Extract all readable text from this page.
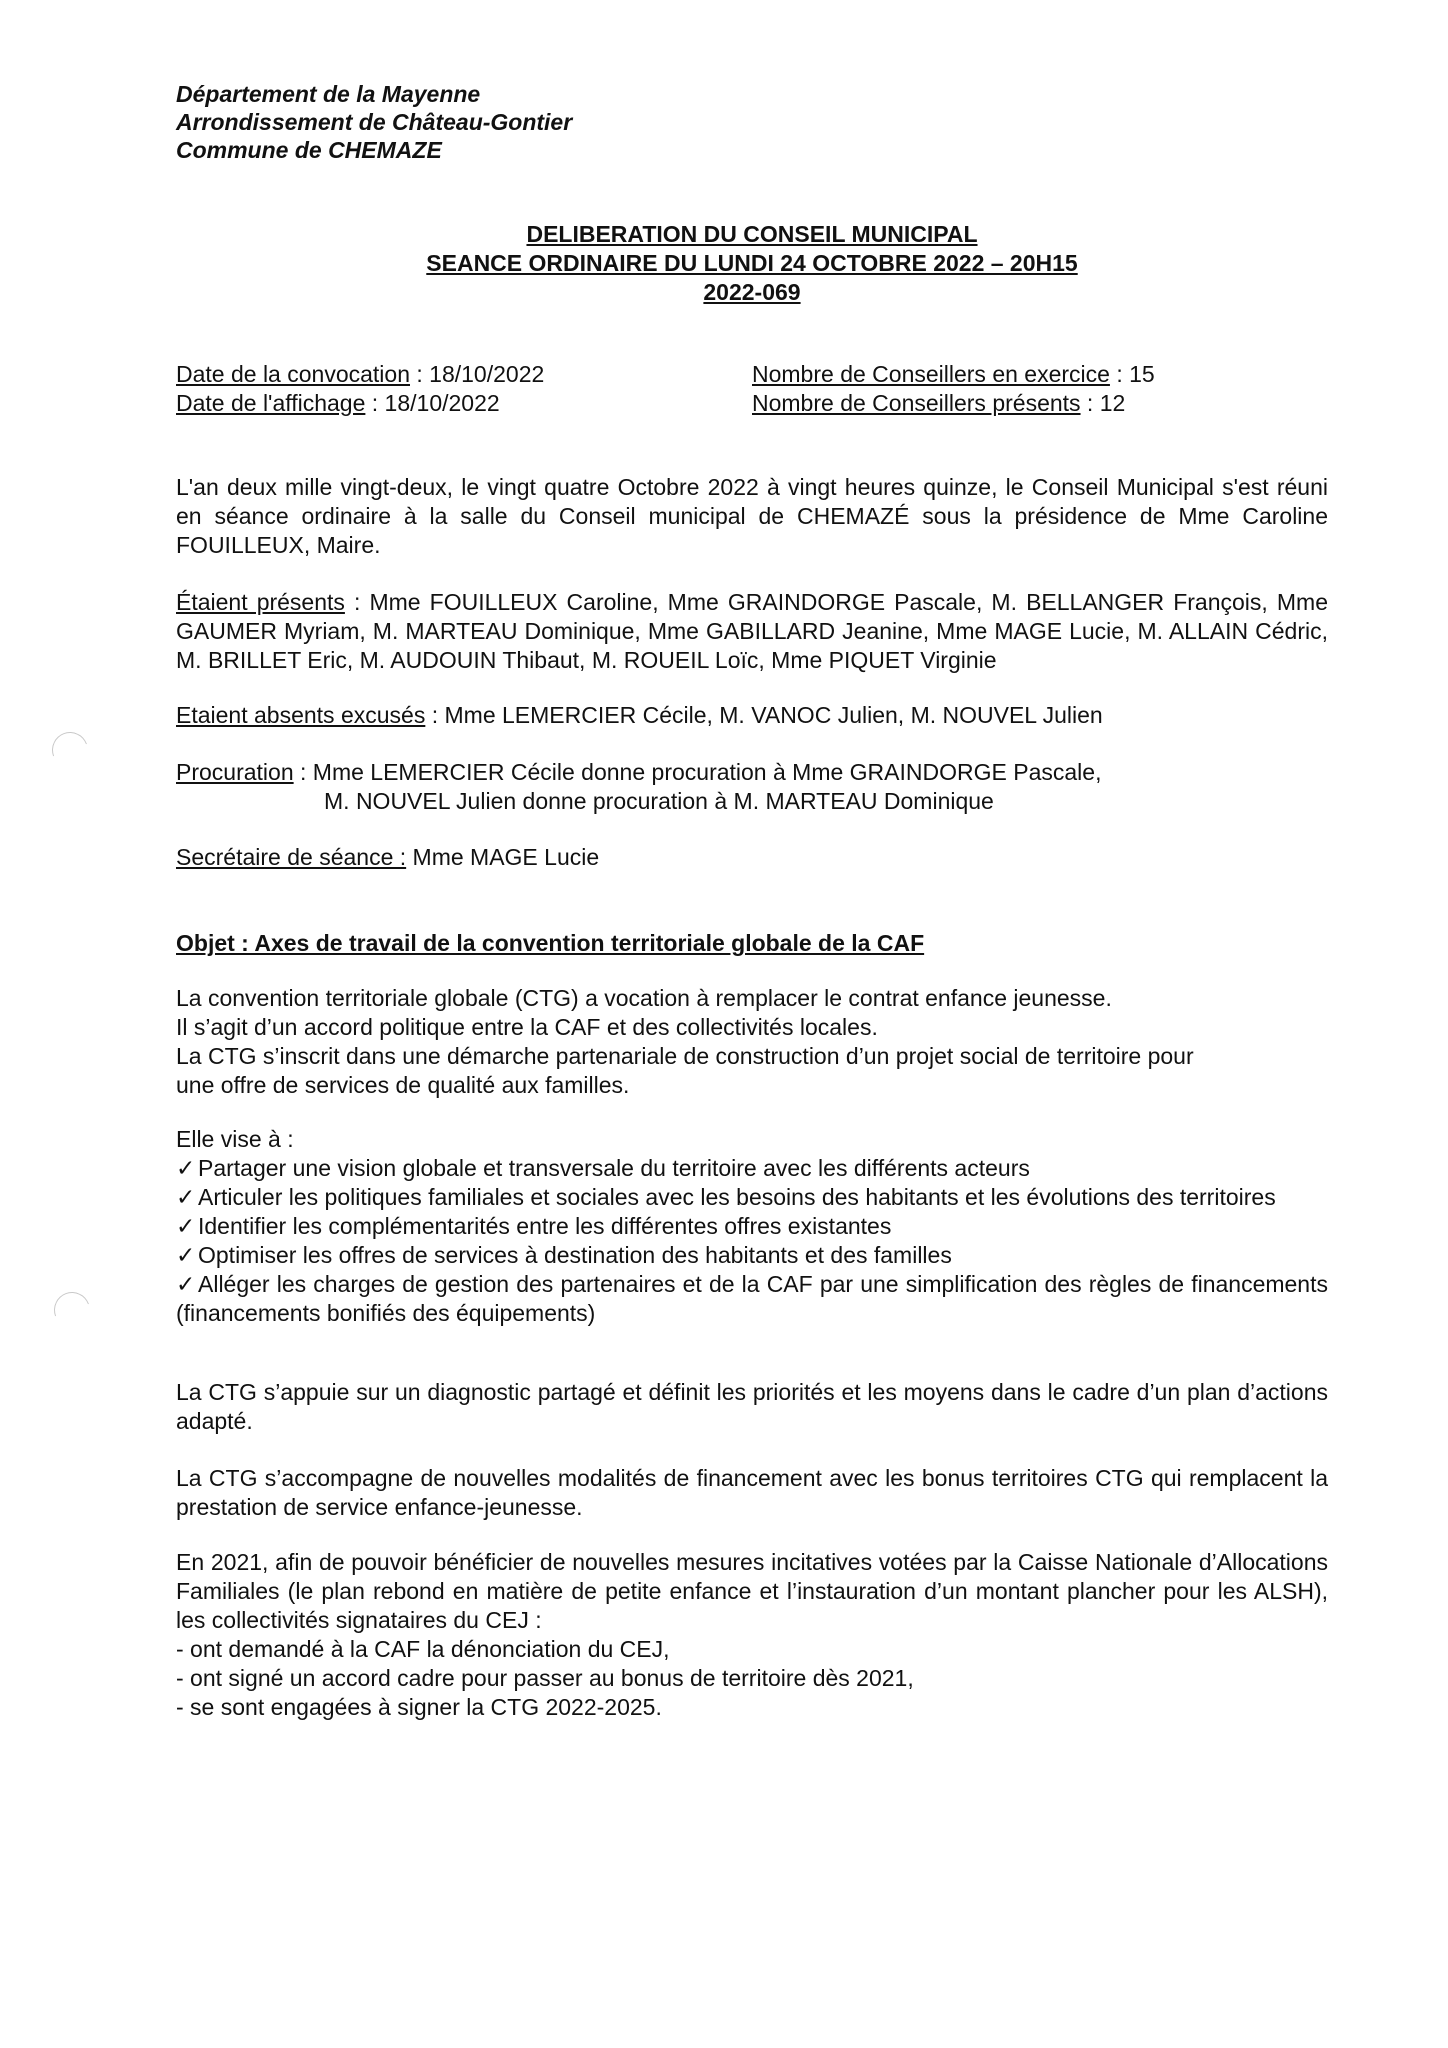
Département de la Mayenne
Arrondissement de Château-Gontier
Commune de CHEMAZE
DELIBERATION DU CONSEIL MUNICIPAL
SEANCE ORDINAIRE DU LUNDI 24 OCTOBRE 2022 – 20H15
2022-069
Date de la convocation : 18/10/2022	Nombre de Conseillers en exercice : 15
Date de l'affichage : 18/10/2022	Nombre de Conseillers présents : 12
L'an deux mille vingt-deux, le vingt quatre Octobre 2022 à vingt heures quinze, le Conseil Municipal s'est réuni en séance ordinaire à la salle du Conseil municipal de CHEMAZÉ sous la présidence de Mme Caroline FOUILLEUX, Maire.
Étaient présents : Mme FOUILLEUX Caroline, Mme GRAINDORGE Pascale, M. BELLANGER François, Mme GAUMER Myriam, M. MARTEAU Dominique, Mme GABILLARD Jeanine, Mme MAGE Lucie, M. ALLAIN Cédric, M. BRILLET Eric, M. AUDOUIN Thibaut, M. ROUEIL Loïc, Mme PIQUET Virginie
Etaient absents excusés : Mme LEMERCIER Cécile, M. VANOC Julien, M. NOUVEL Julien
Procuration : Mme LEMERCIER Cécile donne procuration à Mme GRAINDORGE Pascale,
M. NOUVEL Julien donne procuration à M. MARTEAU Dominique
Secrétaire de séance : Mme MAGE Lucie
Objet : Axes de travail de la convention territoriale globale de la CAF
La convention territoriale globale (CTG) a vocation à remplacer le contrat enfance jeunesse.
Il s’agit d’un accord politique entre la CAF et des collectivités locales.
La CTG s’inscrit dans une démarche partenariale de construction d’un projet social de territoire pour
une offre de services de qualité aux familles.
Elle vise à :
✓ Partager une vision globale et transversale du territoire avec les différents acteurs
✓ Articuler les politiques familiales et sociales avec les besoins des habitants et les évolutions des territoires
✓ Identifier les complémentarités entre les différentes offres existantes
✓ Optimiser les offres de services à destination des habitants et des familles
✓ Alléger les charges de gestion des partenaires et de la CAF par une simplification des règles de financements (financements bonifiés des équipements)
La CTG s’appuie sur un diagnostic partagé et définit les priorités et les moyens dans le cadre d’un plan d’actions adapté.
La CTG s’accompagne de nouvelles modalités de financement avec les bonus territoires CTG qui remplacent la prestation de service enfance-jeunesse.
En 2021, afin de pouvoir bénéficier de nouvelles mesures incitatives votées par la Caisse Nationale d’Allocations Familiales (le plan rebond en matière de petite enfance et l’instauration d’un montant plancher pour les ALSH), les collectivités signataires du CEJ :
- ont demandé à la CAF la dénonciation du CEJ,
- ont signé un accord cadre pour passer au bonus de territoire dès 2021,
- se sont engagées à signer la CTG 2022-2025.
